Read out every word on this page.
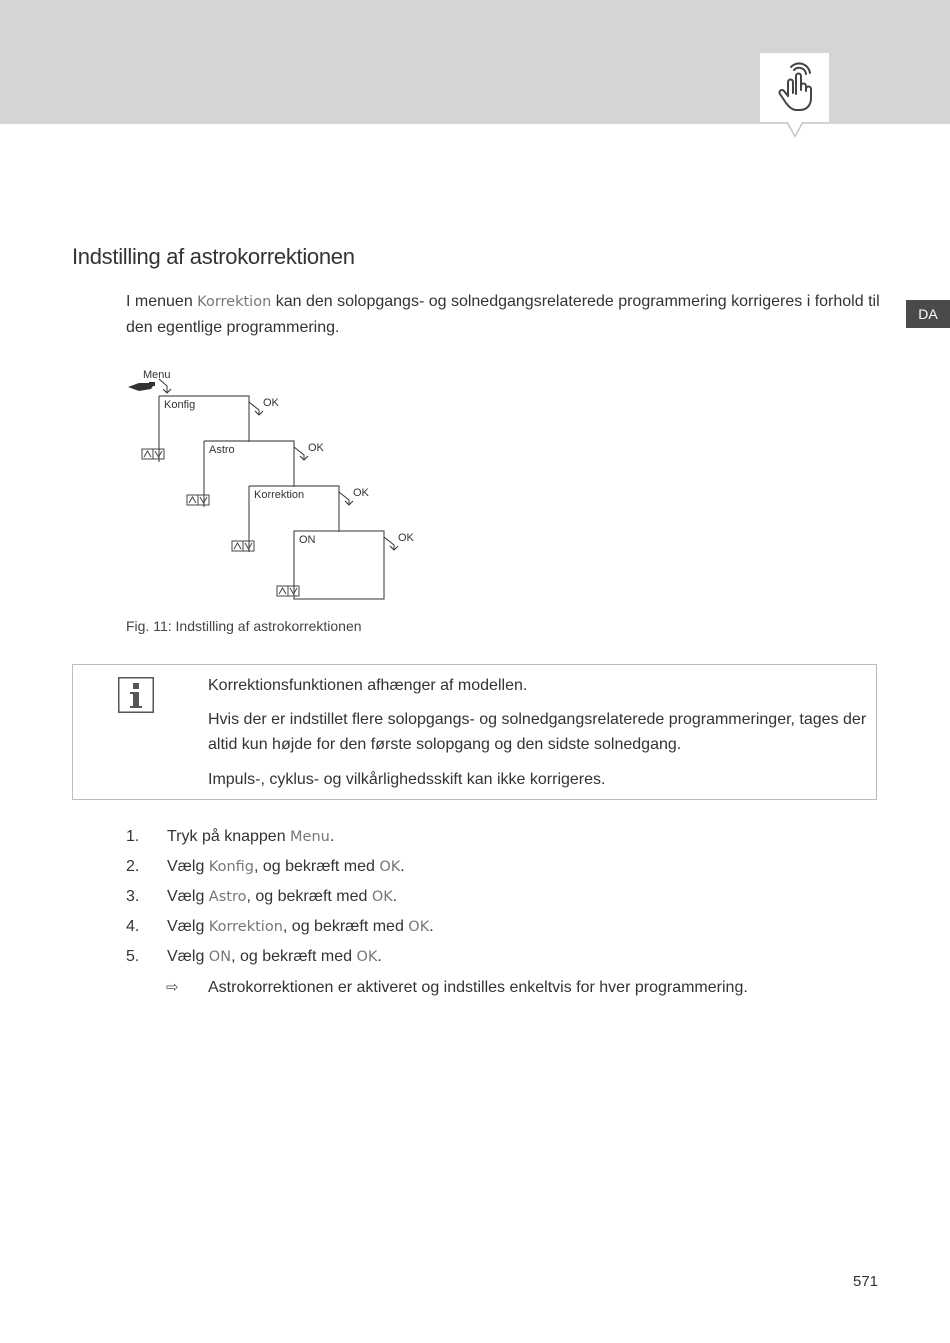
DA
Indstilling af astrokorrektionen

I menuen Korrektion kan den solopgangs- og solnedgangsrelaterede programmering korrigeres i forhold til den egentlige programmering.

Menu
Konfig	OK
Astro	OK
Korrektion	OK
ON	OK

Fig. 11: Indstilling af astrokorrektionen

Korrektionsfunktionen afhænger af modellen.

Hvis der er indstillet flere solopgangs- og solnedgangsrelaterede programmeringer, tages der altid kun højde for den første solopgang og den sidste solnedgang.

Impuls-, cyklus- og vilkårlighedsskift kan ikke korrigeres.

1. Tryk på knappen Menu.
2. Vælg Konfig, og bekræft med OK.
3. Vælg Astro, og bekræft med OK.
4. Vælg Korrektion, og bekræft med OK.
5. Vælg ON, og bekræft med OK.
⇨ Astrokorrektionen er aktiveret og indstilles enkeltvis for hver programmering.
571
